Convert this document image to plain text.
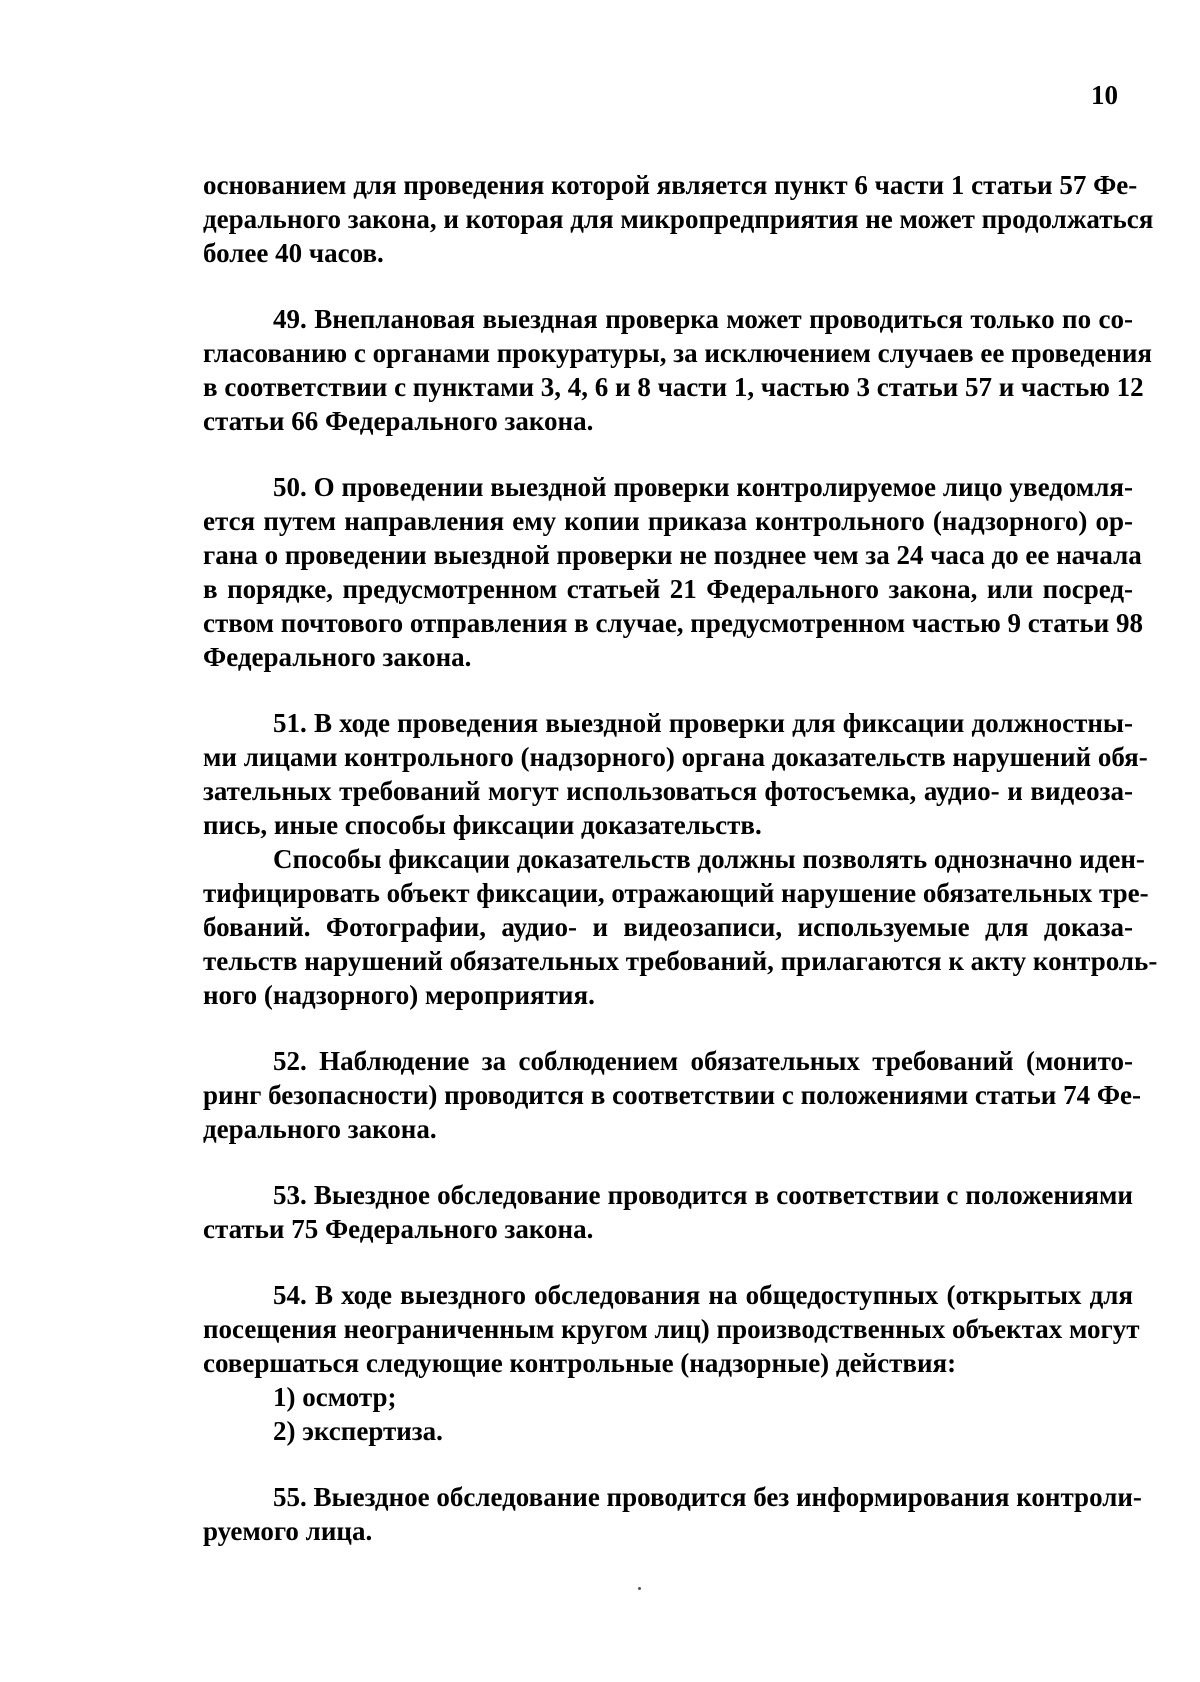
10

основанием для проведения которой является пункт 6 части 1 статьи 57 Фе-
дерального закона, и которая для микропредприятия не может продолжаться
более 40 часов.

49. Внеплановая выездная проверка может проводиться только по со-
гласованию с органами прокуратуры, за исключением случаев ее проведения
в соответствии с пунктами 3, 4, 6 и 8 части 1, частью 3 статьи 57 и частью 12
статьи 66 Федерального закона.

50. О проведении выездной проверки контролируемое лицо уведомля-
ется путем направления ему копии приказа контрольного (надзорного) ор-
гана о проведении выездной проверки не позднее чем за 24 часа до ее начала
в порядке, предусмотренном статьей 21 Федерального закона, или посред-
ством почтового отправления в случае, предусмотренном частью 9 статьи 98
Федерального закона.

51. В ходе проведения выездной проверки для фиксации должностны-
ми лицами контрольного (надзорного) органа доказательств нарушений обя-
зательных требований могут использоваться фотосъемка, аудио- и видеоза-
пись, иные способы фиксации доказательств.

Способы фиксации доказательств должны позволять однозначно иден-
тифицировать объект фиксации, отражающий нарушение обязательных тре-
бований. Фотографии, аудио- и видеозаписи, используемые для доказа-
тельств нарушений обязательных требований, прилагаются к акту контроль-
ного (надзорного) мероприятия.

52. Наблюдение за соблюдением обязательных требований (монито-
ринг безопасности) проводится в соответствии с положениями статьи 74 Фе-
дерального закона.

53. Выездное обследование проводится в соответствии с положениями
статьи 75 Федерального закона.

54. В ходе выездного обследования на общедоступных (открытых для
посещения неограниченным кругом лиц) производственных объектах могут
совершаться следующие контрольные (надзорные) действия:

1) осмотр;

2) экспертиза.

55. Выездное обследование проводится без информирования контроли-
руемого лица.
